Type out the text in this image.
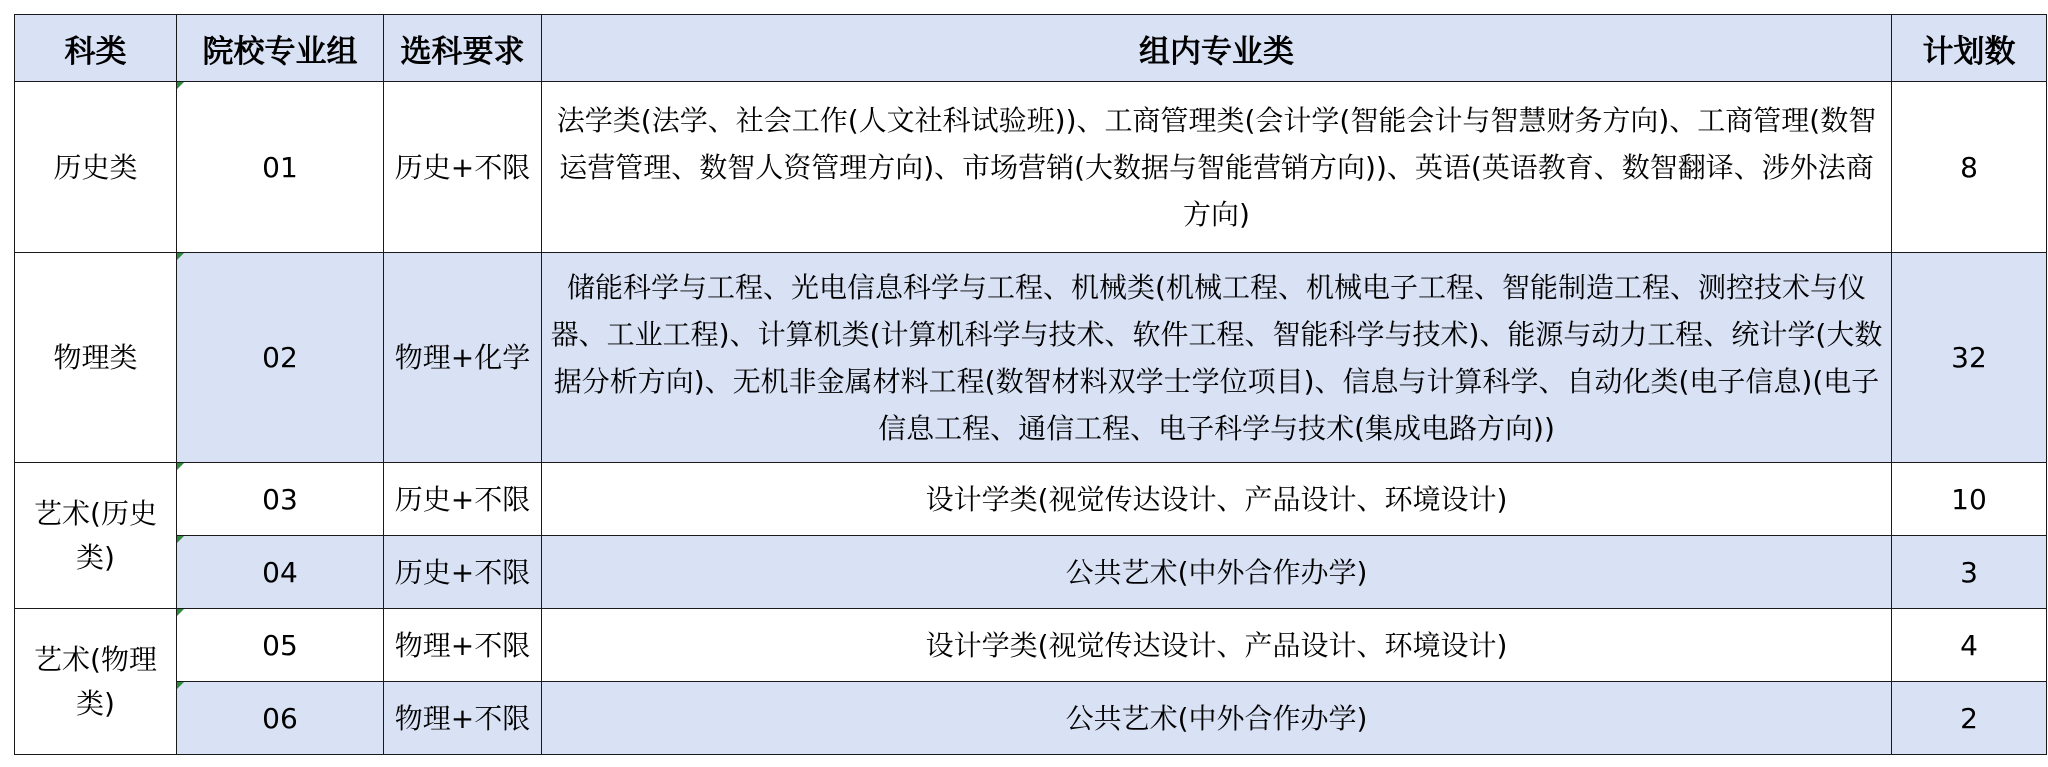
科类	院校专业组	选科要求	组内专业类	计划数
历史类	01	历史+不限	法学类(法学、社会工作(人文社科试验班))、工商管理类(会计学(智能会计与智慧财务方向)、工商管理(数智运营管理、数智人资管理方向)、市场营销(大数据与智能营销方向))、英语(英语教育、数智翻译、涉外法商方向)	8
物理类	02	物理+化学	储能科学与工程、光电信息科学与工程、机械类(机械工程、机械电子工程、智能制造工程、测控技术与仪器、工业工程)、计算机类(计算机科学与技术、软件工程、智能科学与技术)、能源与动力工程、统计学(大数据分析方向)、无机非金属材料工程(数智材料双学士学位项目)、信息与计算科学、自动化类(电子信息)(电子信息工程、通信工程、电子科学与技术(集成电路方向))	32
艺术(历史类)	03	历史+不限	设计学类(视觉传达设计、产品设计、环境设计)	10
	04	历史+不限	公共艺术(中外合作办学)	3
艺术(物理类)	05	物理+不限	设计学类(视觉传达设计、产品设计、环境设计)	4
	06	物理+不限	公共艺术(中外合作办学)	2
